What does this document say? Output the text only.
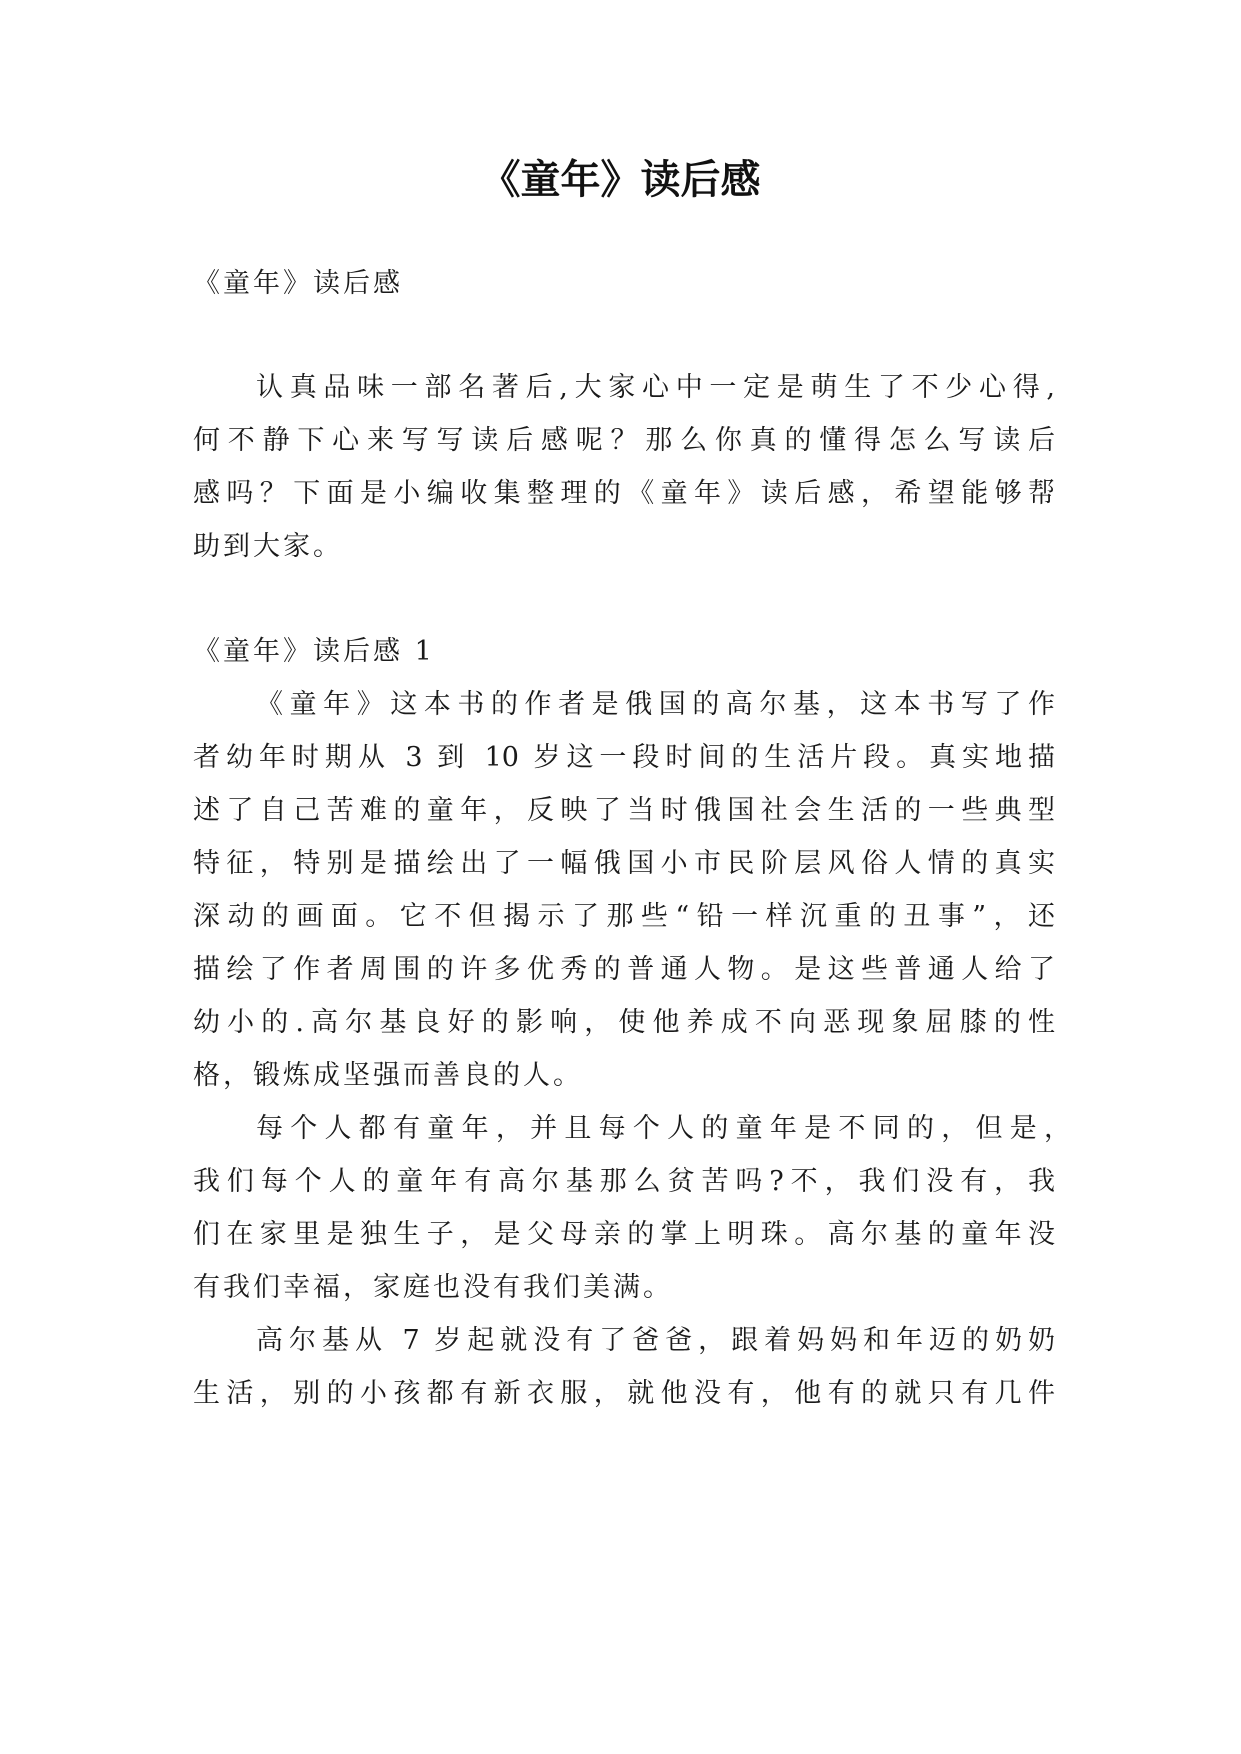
《童年》读后感
《童年》读后感
认真品味一部名著后,大家心中一定是萌生了不少心得,
何不静下心来写写读后感呢？那么你真的懂得怎么写读后
感吗？下面是小编收集整理的《童年》读后感，希望能够帮
助到大家。
《童年》读后感 1
《童年》这本书的作者是俄国的高尔基，这本书写了作
者幼年时期从 3 到 10 岁这一段时间的生活片段。真实地描
述了自己苦难的童年，反映了当时俄国社会生活的一些典型
特征，特别是描绘出了一幅俄国小市民阶层风俗人情的真实
深动的画面。它不但揭示了那些“铅一样沉重的丑事”，还
描绘了作者周围的许多优秀的普通人物。是这些普通人给了
幼小的.高尔基良好的影响，使他养成不向恶现象屈膝的性
格，锻炼成坚强而善良的人。
每个人都有童年，并且每个人的童年是不同的，但是，
我们每个人的童年有高尔基那么贫苦吗?不，我们没有，我
们在家里是独生子，是父母亲的掌上明珠。高尔基的童年没
有我们幸福，家庭也没有我们美满。
高尔基从 7 岁起就没有了爸爸，跟着妈妈和年迈的奶奶
生活，别的小孩都有新衣服，就他没有，他有的就只有几件
